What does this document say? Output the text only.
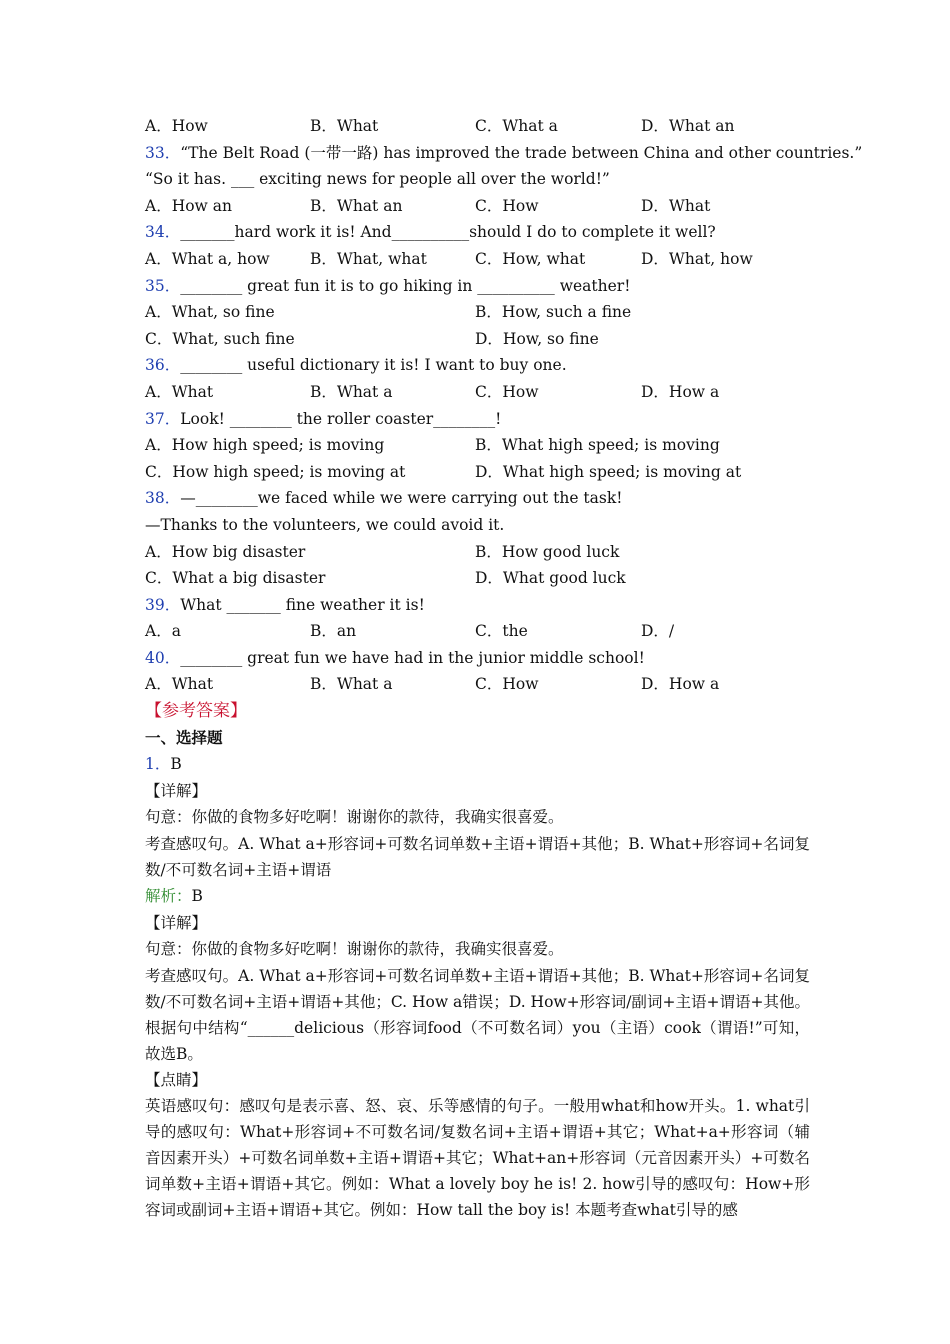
A．How	B．What	C．What a	D．What an
33．“The Belt Road (一带一路) has improved the trade between China and other countries.”
“So it has. ___ exciting news for people all over the world!”
A．How an	B．What an	C．How	D．What
34．_______hard work it is! And__________should I do to complete it well?
A．What a, how	B．What, what	C．How, what	D．What, how
35．________ great fun it is to go hiking in __________ weather!
A．What, so fine	B．How, such a fine
C．What, such fine	D．How, so fine
36．________ useful dictionary it is! I want to buy one.
A．What	B．What a	C．How	D．How a
37．Look! ________ the roller coaster________!
A．How high speed; is moving	B．What high speed; is moving
C．How high speed; is moving at	D．What high speed; is moving at
38．—________we faced while we were carrying out the task!
—Thanks to the volunteers, we could avoid it.
A．How big disaster	B．How good luck
C．What a big disaster	D．What good luck
39．What _______ fine weather it is!
A．a	B．an	C．the	D．/
40．________ great fun we have had in the junior middle school!
A．What	B．What a	C．How	D．How a
【参考答案】
一、选择题
1．B
【详解】
句意：你做的食物多好吃啊！谢谢你的款待，我确实很喜爱。
考查感叹句。A. What a+形容词+可数名词单数+主语+谓语+其他；B. What+形容词+名词复数/不可数名词+主语+谓语
解析：B
【详解】
句意：你做的食物多好吃啊！谢谢你的款待，我确实很喜爱。
考查感叹句。A. What a+形容词+可数名词单数+主语+谓语+其他；B. What+形容词+名词复数/不可数名词+主语+谓语+其他；C. How a错误；D. How+形容词/副词+主语+谓语+其他。根据句中结构“______delicious（形容词food（不可数名词）you（主语）cook（谓语!”可知，故选B。
【点睛】
英语感叹句：感叹句是表示喜、怒、哀、乐等感情的句子。一般用what和how开头。1. what引导的感叹句：What+形容词+不可数名词/复数名词+主语+谓语+其它；What+a+形容词（辅音因素开头）+可数名词单数+主语+谓语+其它；What+an+形容词（元音因素开头）+可数名词单数+主语+谓语+其它。例如：What a lovely boy he is! 2. how引导的感叹句：How+形容词或副词+主语+谓语+其它。例如：How tall the boy is! 本题考查what引导的感
